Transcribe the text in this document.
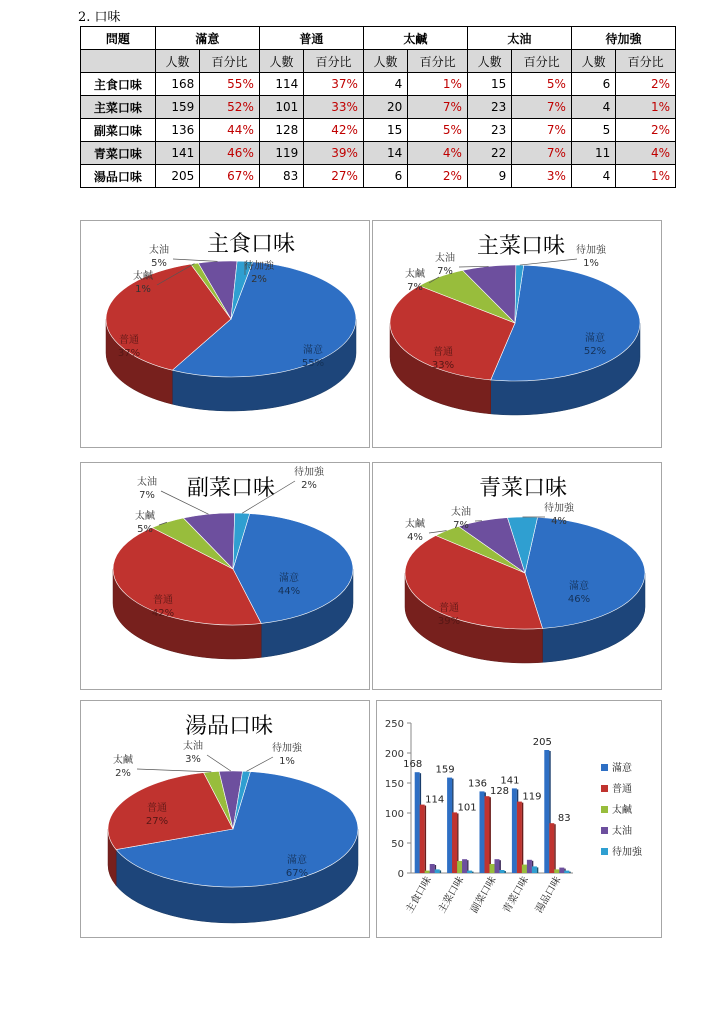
2. 口味
問題	滿意		普通		太鹹		太油		待加強	
	人數	百分比	人數	百分比	人數	百分比	人數	百分比	人數	百分比
主食口味	168	55%	114	37%	4	1%	15	5%	6	2%
主菜口味	159	52%	101	33%	20	7%	23	7%	4	1%
副菜口味	136	44%	128	42%	15	5%	23	7%	5	2%
青菜口味	141	46%	119	39%	14	4%	22	7%	11	4%
湯品口味	205	67%	83	27%	6	2%	9	3%	4	1%
主食口味
滿意
55%
普通
37%
太鹹
1%
太油
5%	待加強
2%
主菜口味
滿意
52%
普通
33%
太鹹
7%
太油
7%
待加強
1%
副菜口味
滿意
44%
普通
42%
太鹹
5%
太油
7%
待加強
2%	青菜口味
滿意
46%
普通
39%
太鹹
4%
太油
7%
待加強
4%
湯品口味
滿意
67%
普通
27%
太鹹
2%
太油
3%
待加強
1%
0
50
100
150
200
250
168
114
主食口味
159
101
主菜口味
136
128
副菜口味
141
119
青菜口味
205
83
湯品口味
滿意
普通
太鹹
太油
待加強
